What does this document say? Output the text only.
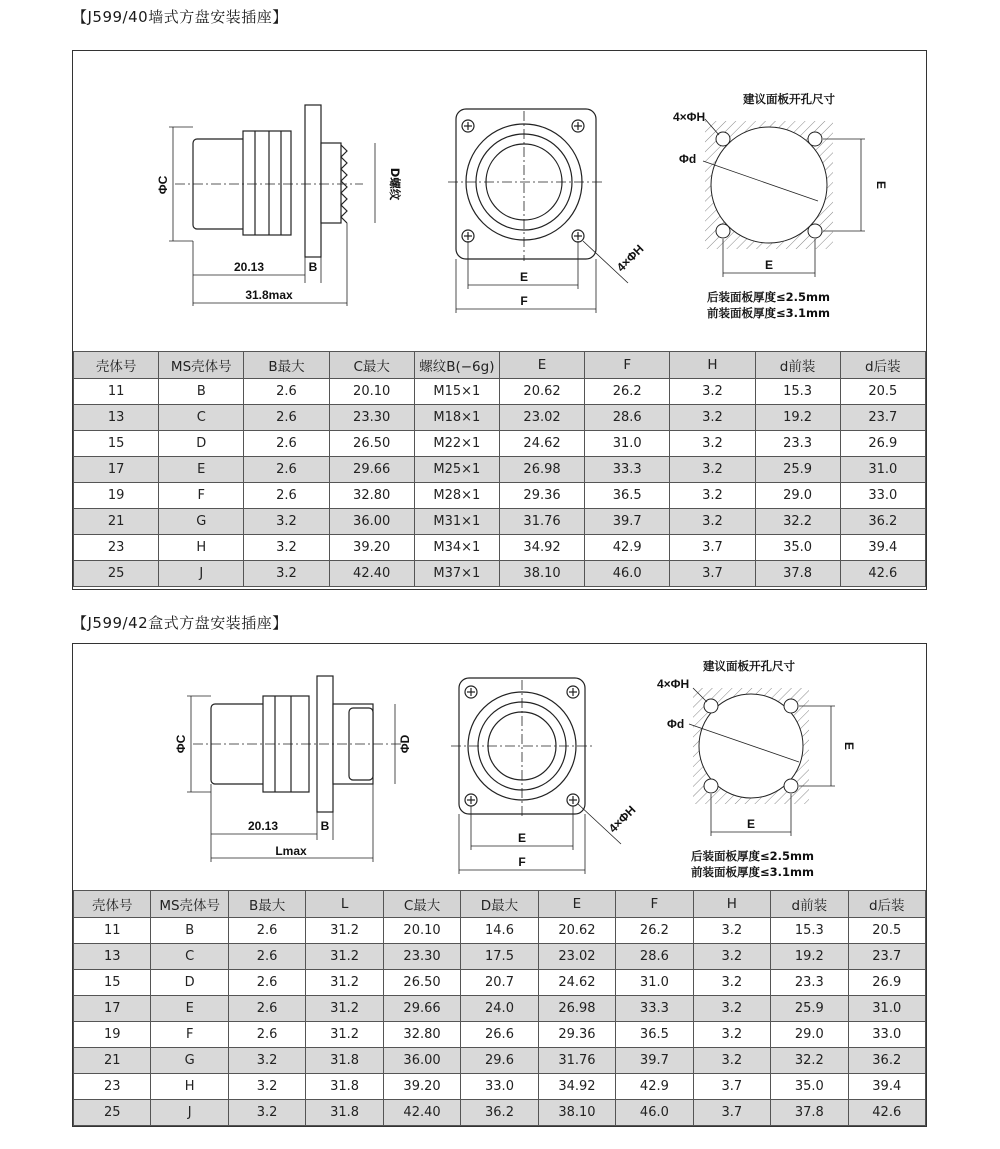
【J599/40墙式方盘安装插座】
ΦC	D螺纹
20.13	B
31.8max
E
F
4×ΦH
建议面板开孔尺寸
4×ΦH
Φd
E
E
后装面板厚度≤2.5mm
前装面板厚度≤3.1mm
壳体号	MS壳体号	B最大	C最大	螺纹B(−6g)	E	F	H	d前装	d后装
11	B	2.6	20.10	M15×1	20.62	26.2	3.2	15.3	20.5
13	C	2.6	23.30	M18×1	23.02	28.6	3.2	19.2	23.7
15	D	2.6	26.50	M22×1	24.62	31.0	3.2	23.3	26.9
17	E	2.6	29.66	M25×1	26.98	33.3	3.2	25.9	31.0
19	F	2.6	32.80	M28×1	29.36	36.5	3.2	29.0	33.0
21	G	3.2	36.00	M31×1	31.76	39.7	3.2	32.2	36.2
23	H	3.2	39.20	M34×1	34.92	42.9	3.7	35.0	39.4
25	J	3.2	42.40	M37×1	38.10	46.0	3.7	37.8	42.6
【J599/42盒式方盘安装插座】
ΦC	ΦD
20.13	B
Lmax
E
F
4×ΦH
建议面板开孔尺寸
4×ΦH
Φd
E
E
后装面板厚度≤2.5mm
前装面板厚度≤3.1mm
壳体号	MS壳体号	B最大	L	C最大	D最大	E	F	H	d前装	d后装
11	B	2.6	31.2	20.10	14.6	20.62	26.2	3.2	15.3	20.5
13	C	2.6	31.2	23.30	17.5	23.02	28.6	3.2	19.2	23.7
15	D	2.6	31.2	26.50	20.7	24.62	31.0	3.2	23.3	26.9
17	E	2.6	31.2	29.66	24.0	26.98	33.3	3.2	25.9	31.0
19	F	2.6	31.2	32.80	26.6	29.36	36.5	3.2	29.0	33.0
21	G	3.2	31.8	36.00	29.6	31.76	39.7	3.2	32.2	36.2
23	H	3.2	31.8	39.20	33.0	34.92	42.9	3.7	35.0	39.4
25	J	3.2	31.8	42.40	36.2	38.10	46.0	3.7	37.8	42.6
